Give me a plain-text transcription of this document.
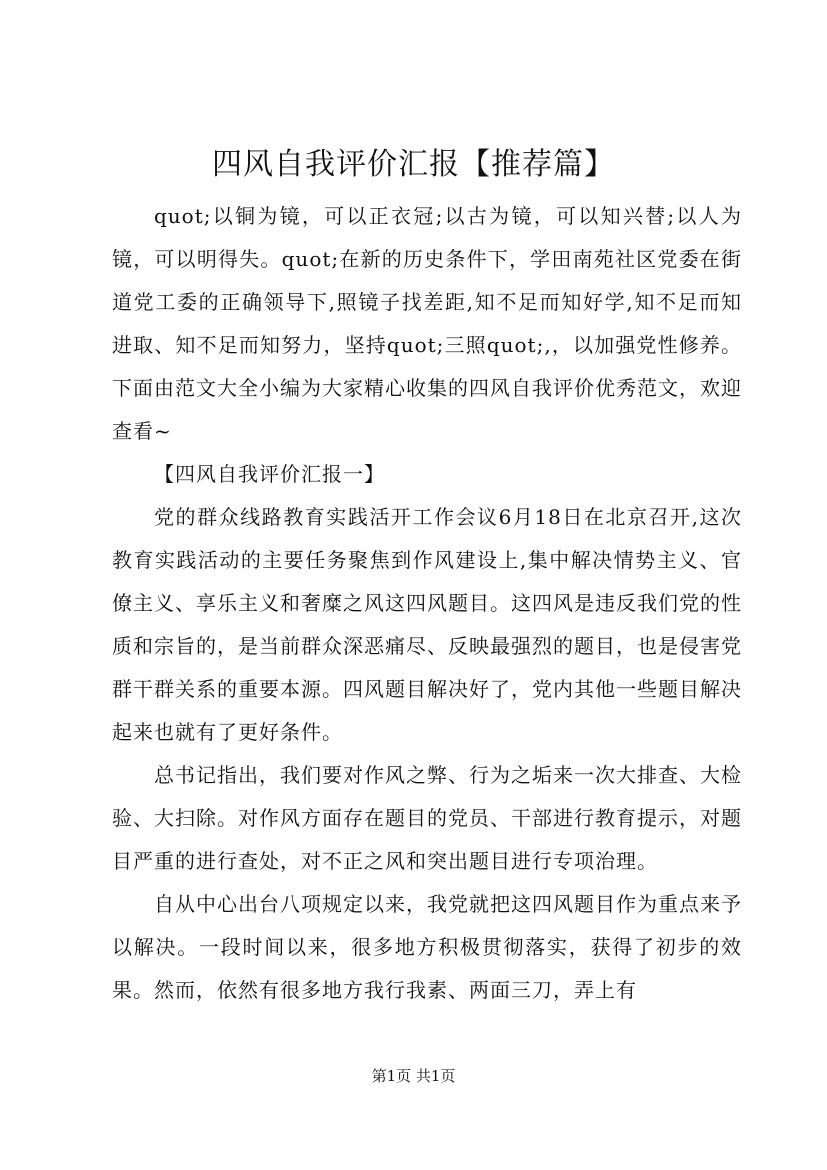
四风自我评价汇报【推荐篇】

quot;以铜为镜，可以正衣冠;以古为镜，可以知兴替;以人为镜，可以明得失。quot;在新的历史条件下，学田南苑社区党委在街道党工委的正确领导下,照镜子找差距,知不足而知好学,知不足而知进取、知不足而知努力，坚持quot;三照quot;,，以加强党性修养。下面由范文大全小编为大家精心收集的四风自我评价优秀范文，欢迎查看~

【四风自我评价汇报一】

党的群众线路教育实践活开工作会议6月18日在北京召开,这次教育实践活动的主要任务聚焦到作风建设上,集中解决情势主义、官僚主义、享乐主义和奢糜之风这四风题目。这四风是违反我们党的性质和宗旨的，是当前群众深恶痛尽、反映最强烈的题目，也是侵害党群干群关系的重要本源。四风题目解决好了，党内其他一些题目解决起来也就有了更好条件。

总书记指出，我们要对作风之弊、行为之垢来一次大排查、大检验、大扫除。对作风方面存在题目的党员、干部进行教育提示，对题目严重的进行查处，对不正之风和突出题目进行专项治理。

自从中心出台八项规定以来，我党就把这四风题目作为重点来予以解决。一段时间以来，很多地方积极贯彻落实，获得了初步的效果。然而，依然有很多地方我行我素、两面三刀，弄上有

第1页 共1页
